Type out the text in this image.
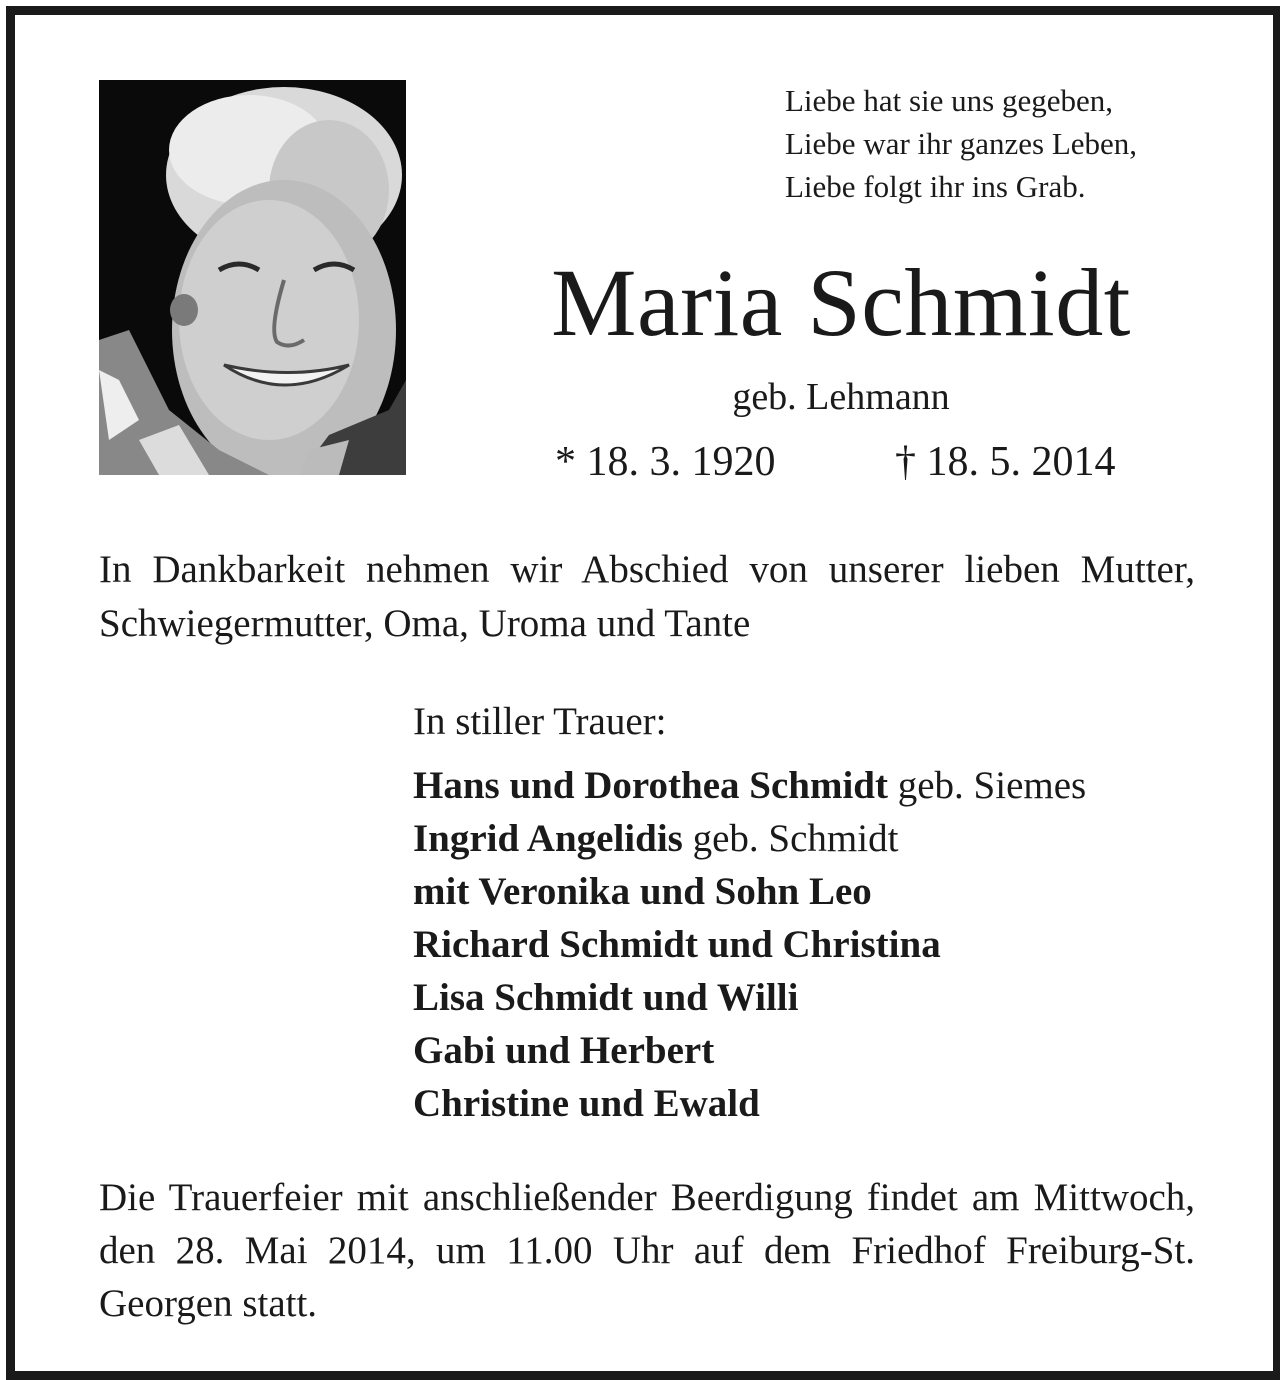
Liebe hat sie uns gegeben,
Liebe war ihr ganzes Leben,
Liebe folgt ihr ins Grab.
Maria Schmidt
geb. Lehmann
* 18. 3. 1920	† 18. 5. 2014
In Dankbarkeit nehmen wir Abschied von unserer lieben Mutter, Schwiegermutter, Oma, Uroma und Tante
In stiller Trauer:
Hans und Dorothea Schmidt geb. Siemes
Ingrid Angelidis geb. Schmidt
mit Veronika und Sohn Leo
Richard Schmidt und Christina
Lisa Schmidt und Willi
Gabi und Herbert
Christine und Ewald
Die Trauerfeier mit anschließender Beerdigung findet am Mittwoch, den 28. Mai 2014, um 11.00 Uhr auf dem Friedhof Freiburg-St. Georgen statt.
